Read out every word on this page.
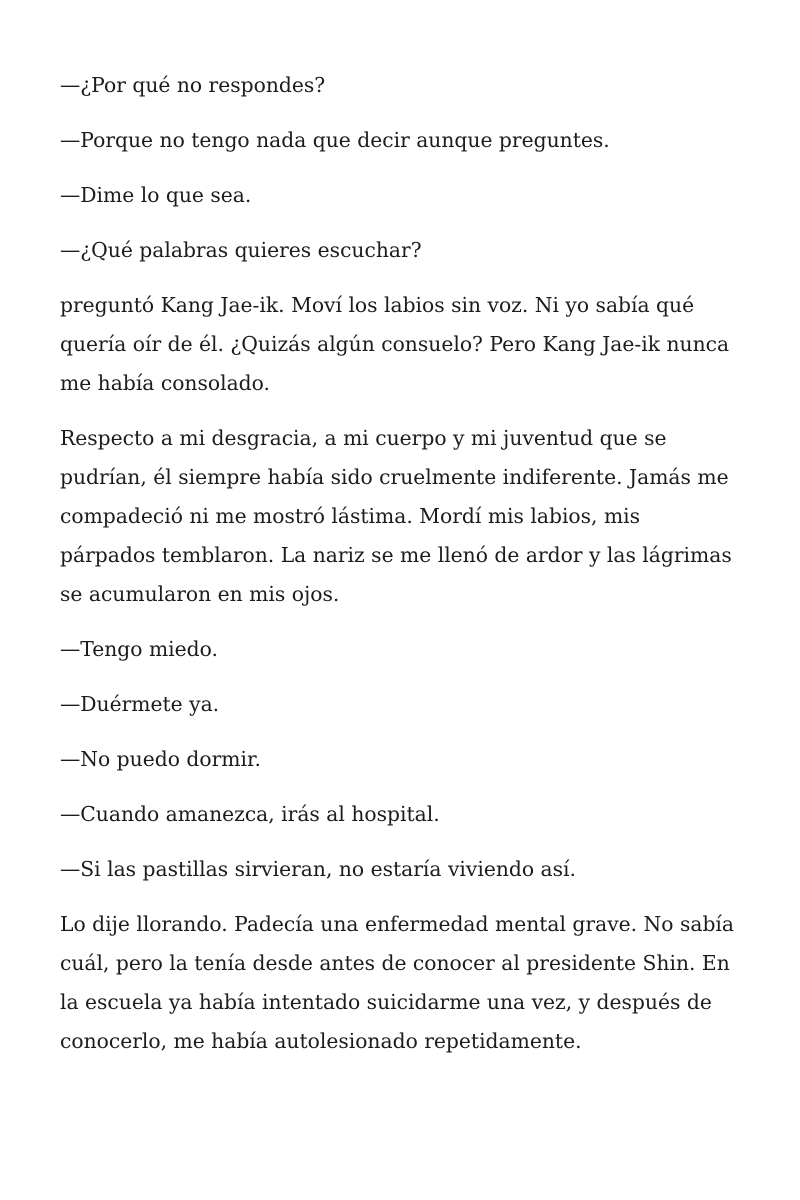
—¿Por qué no respondes?

—Porque no tengo nada que decir aunque preguntes.

—Dime lo que sea.

—¿Qué palabras quieres escuchar?

preguntó Kang Jae-ik. Moví los labios sin voz. Ni yo sabía qué quería oír de él. ¿Quizás algún consuelo? Pero Kang Jae-ik nunca me había consolado.

Respecto a mi desgracia, a mi cuerpo y mi juventud que se pudrían, él siempre había sido cruelmente indiferente. Jamás me compadeció ni me mostró lástima. Mordí mis labios, mis párpados temblaron. La nariz se me llenó de ardor y las lágrimas se acumularon en mis ojos.

—Tengo miedo.

—Duérmete ya.

—No puedo dormir.

—Cuando amanezca, irás al hospital.

—Si las pastillas sirvieran, no estaría viviendo así.

Lo dije llorando. Padecía una enfermedad mental grave. No sabía cuál, pero la tenía desde antes de conocer al presidente Shin. En la escuela ya había intentado suicidarme una vez, y después de conocerlo, me había autolesionado repetidamente.
